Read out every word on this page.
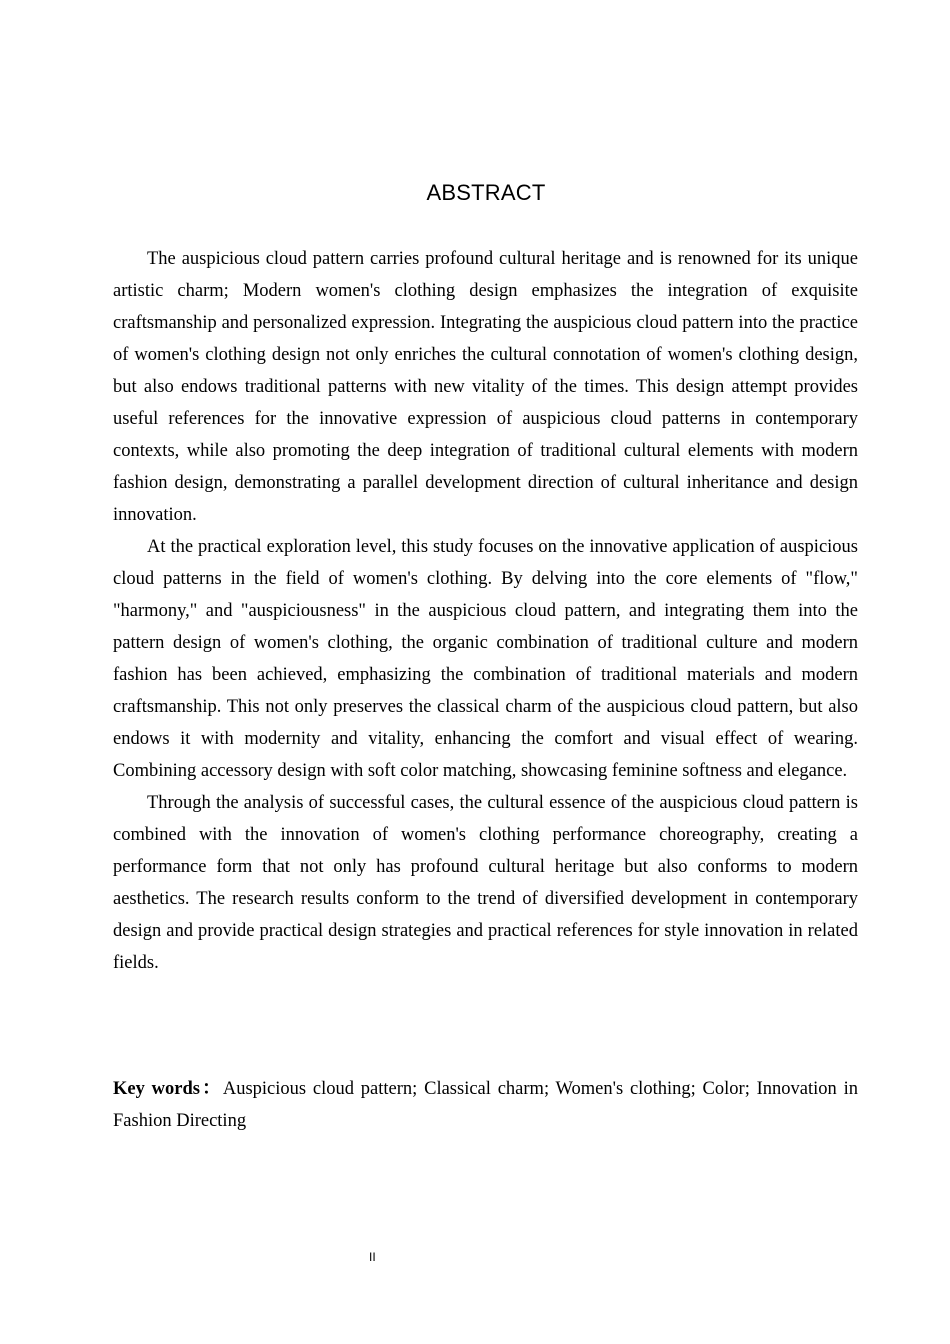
ABSTRACT

The auspicious cloud pattern carries profound cultural heritage and is renowned for its unique artistic charm; Modern women's clothing design emphasizes the integration of exquisite craftsmanship and personalized expression. Integrating the auspicious cloud pattern into the practice of women's clothing design not only enriches the cultural connotation of women's clothing design, but also endows traditional patterns with new vitality of the times. This design attempt provides useful references for the innovative expression of auspicious cloud patterns in contemporary contexts, while also promoting the deep integration of traditional cultural elements with modern fashion design, demonstrating a parallel development direction of cultural inheritance and design innovation.

At the practical exploration level, this study focuses on the innovative application of auspicious cloud patterns in the field of women's clothing. By delving into the core elements of "flow," "harmony," and "auspiciousness" in the auspicious cloud pattern, and integrating them into the pattern design of women's clothing, the organic combination of traditional culture and modern fashion has been achieved, emphasizing the combination of traditional materials and modern craftsmanship. This not only preserves the classical charm of the auspicious cloud pattern, but also endows it with modernity and vitality, enhancing the comfort and visual effect of wearing. Combining accessory design with soft color matching, showcasing feminine softness and elegance.

Through the analysis of successful cases, the cultural essence of the auspicious cloud pattern is combined with the innovation of women's clothing performance choreography, creating a performance form that not only has profound cultural heritage but also conforms to modern aesthetics. The research results conform to the trend of diversified development in contemporary design and provide practical design strategies and practical references for style innovation in related fields.

Key words：Auspicious cloud pattern; Classical charm; Women's clothing; Color; Innovation in Fashion Directing

II
